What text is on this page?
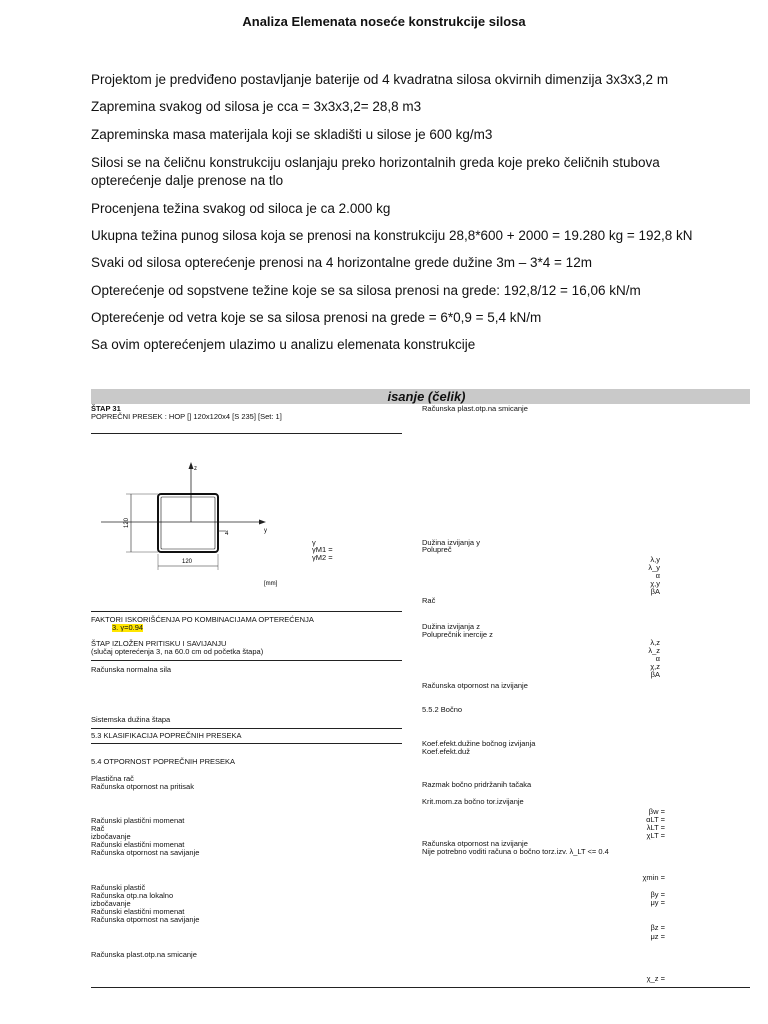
Analiza Elemenata noseće konstrukcije silosa
Projektom je predviđeno postavljanje baterije od 4 kvadratna silosa okvirnih dimenzija 3x3x3,2 m
Zapremina svakog od silosa je cca = 3x3x3,2= 28,8 m3
Zapreminska masa materijala koji se skladišti u silose je 600 kg/m3
Silosi se na čeličnu konstrukciju oslanjaju preko horizontalnih greda koje preko čeličnih stubova opterećenje dalje prenose na tlo
Procenjena težina svakog od siloca je ca 2.000 kg
Ukupna težina punog silosa koja se prenosi na konstrukciju 28,8*600 + 2000 = 19.280 kg = 192,8 kN
Svaki od silosa opterećenje prenosi na 4 horizontalne grede dužine 3m – 3*4 = 12m
Opterećenje od sopstvene težine koje se sa silosa prenosi na grede: 192,8/12 = 16,06 kN/m
Opterećenje od vetra koje se sa silosa prenosi na grede = 6*0,9 = 5,4 kN/m
Sa ovim opterećenjem ulazimo u analizu elemenata konstrukcije
isanje (čelik)
ŠTAP 31
POPREČNI PRESEK : HOP [] 120x120x4 [S 235] [Set: 1]
z
y
120
120
4
[mm]
γ
γM1 =
γM2 =
FAKTORI ISKORIŠĆENJA PO KOMBINACIJAMA OPTEREĆENJA
3. γ=0.94
ŠTAP IZLOŽEN PRITISKU I SAVIJANJU
(slučaj opterećenja 3, na 60.0 cm od početka štapa)
Računska normalna sila
Sistemska dužina štapa
5.3 KLASIFIKACIJA POPREČNIH PRESEKA
5.4 OTPORNOST POPREČNIH PRESEKA
Plastična rač
Računska otpornost na pritisak
Računski plastični momenat
Rač
izbočavanje
Računski elastični momenat
Računska otpornost na savijanje
Računski plastič
Računska otp.na lokalno
izbočavanje
Računski elastični momenat
Računska otpornost na savijanje
Računska plast.otp.na smicanje
Računska plast.otp.na smicanje
Dužina izvijanja y
Polupreč
λ,y
λ_y
α
χ,y
βA
Rač
Dužina izvijanja z
Poluprečnik inercije z
λ,z
λ_z
α
χ,z
βA
Računska otpornost na izvijanje
5.5.2 Bočno
Koef.efekt.dužine bočnog izvijanja
Koef.efekt.duž
Razmak bočno pridržanih tačaka
Krit.mom.za bočno tor.izvijanje
βw =
αLT =
λLT =
χLT =
Računska otpornost na izvijanje
Nije potrebno voditi računa o bočno torz.izv. λ_LT <= 0.4
χmin =
βy =
μy =
βz =
μz =
χ_z =
